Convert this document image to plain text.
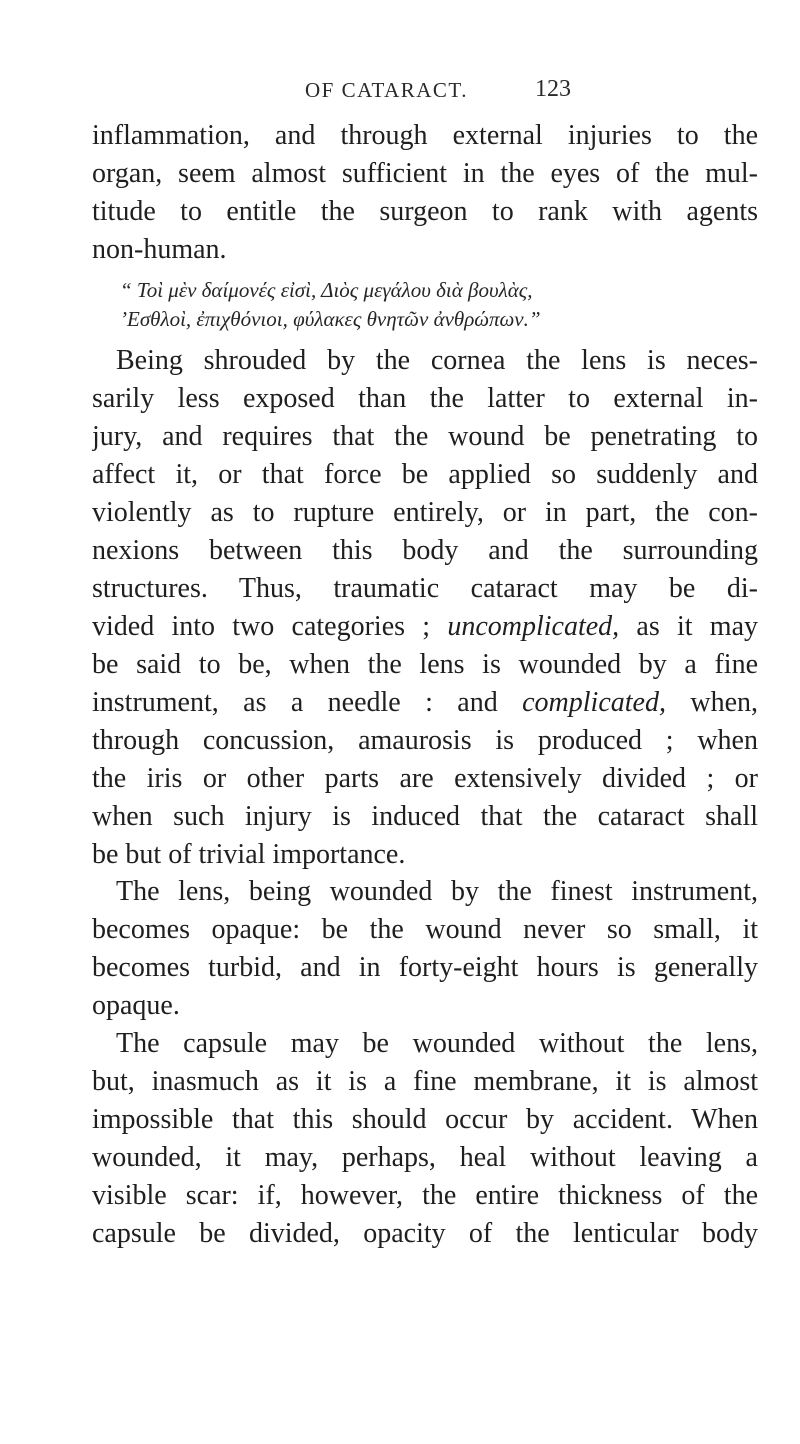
OF CATARACT.	123
inflammation, and through external injuries to the
organ, seem almost sufficient in the eyes of the mul-
titude to entitle the surgeon to rank with agents
non-human.
“ Τοὶ μὲν δαίμονές εἰσὶ, Διὸς μεγάλου διὰ βουλὰς,
’Εσθλοὶ, ἐπιχθόνιοι, φύλακες θνητῶν ἀνθρώπων.”
Being shrouded by the cornea the lens is neces-
sarily less exposed than the latter to external in-
jury, and requires that the wound be penetrating to
affect it, or that force be applied so suddenly and
violently as to rupture entirely, or in part, the con-
nexions between this body and the surrounding
structures. Thus, traumatic cataract may be di-
vided into two categories ; uncomplicated, as it may
be said to be, when the lens is wounded by a fine
instrument, as a needle : and complicated, when,
through concussion, amaurosis is produced ; when
the iris or other parts are extensively divided ; or
when such injury is induced that the cataract shall
be but of trivial importance.
The lens, being wounded by the finest instrument,
becomes opaque: be the wound never so small, it
becomes turbid, and in forty-eight hours is generally
opaque.
The capsule may be wounded without the lens,
but, inasmuch as it is a fine membrane, it is almost
impossible that this should occur by accident. When
wounded, it may, perhaps, heal without leaving a
visible scar: if, however, the entire thickness of the
capsule be divided, opacity of the lenticular body
